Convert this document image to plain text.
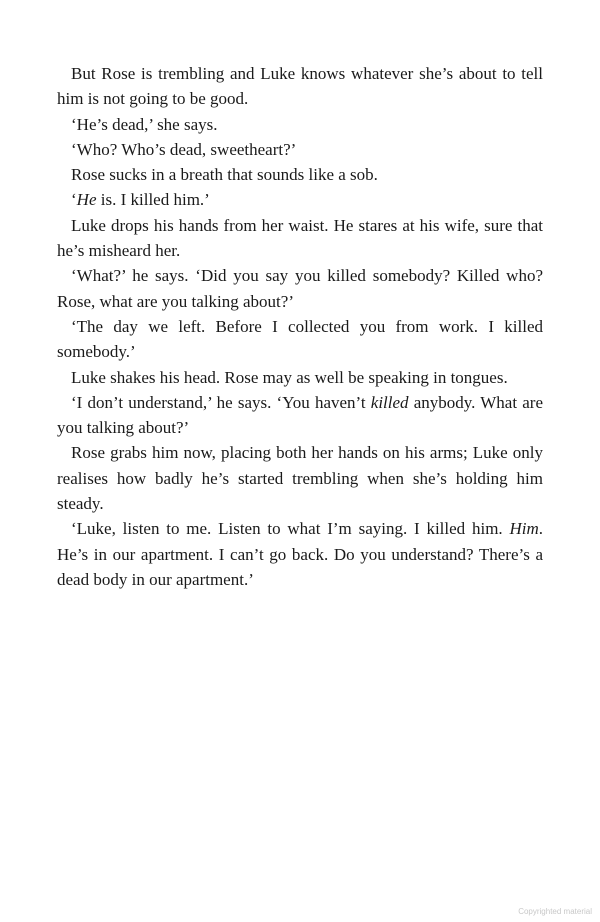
But Rose is trembling and Luke knows whatever she’s about to tell him is not going to be good.

‘He’s dead,’ she says.

‘Who? Who’s dead, sweetheart?’

Rose sucks in a breath that sounds like a sob.

‘He is. I killed him.’

Luke drops his hands from her waist. He stares at his wife, sure that he’s misheard her.

‘What?’ he says. ‘Did you say you killed somebody? Killed who? Rose, what are you talking about?’

‘The day we left. Before I collected you from work. I killed somebody.’

Luke shakes his head. Rose may as well be speaking in tongues.

‘I don’t understand,’ he says. ‘You haven’t killed anybody. What are you talking about?’

Rose grabs him now, placing both her hands on his arms; Luke only realises how badly he’s started trembling when she’s holding him steady.

‘Luke, listen to me. Listen to what I’m saying. I killed him. Him. He’s in our apartment. I can’t go back. Do you understand? There’s a dead body in our apartment.’

Copyrighted material
